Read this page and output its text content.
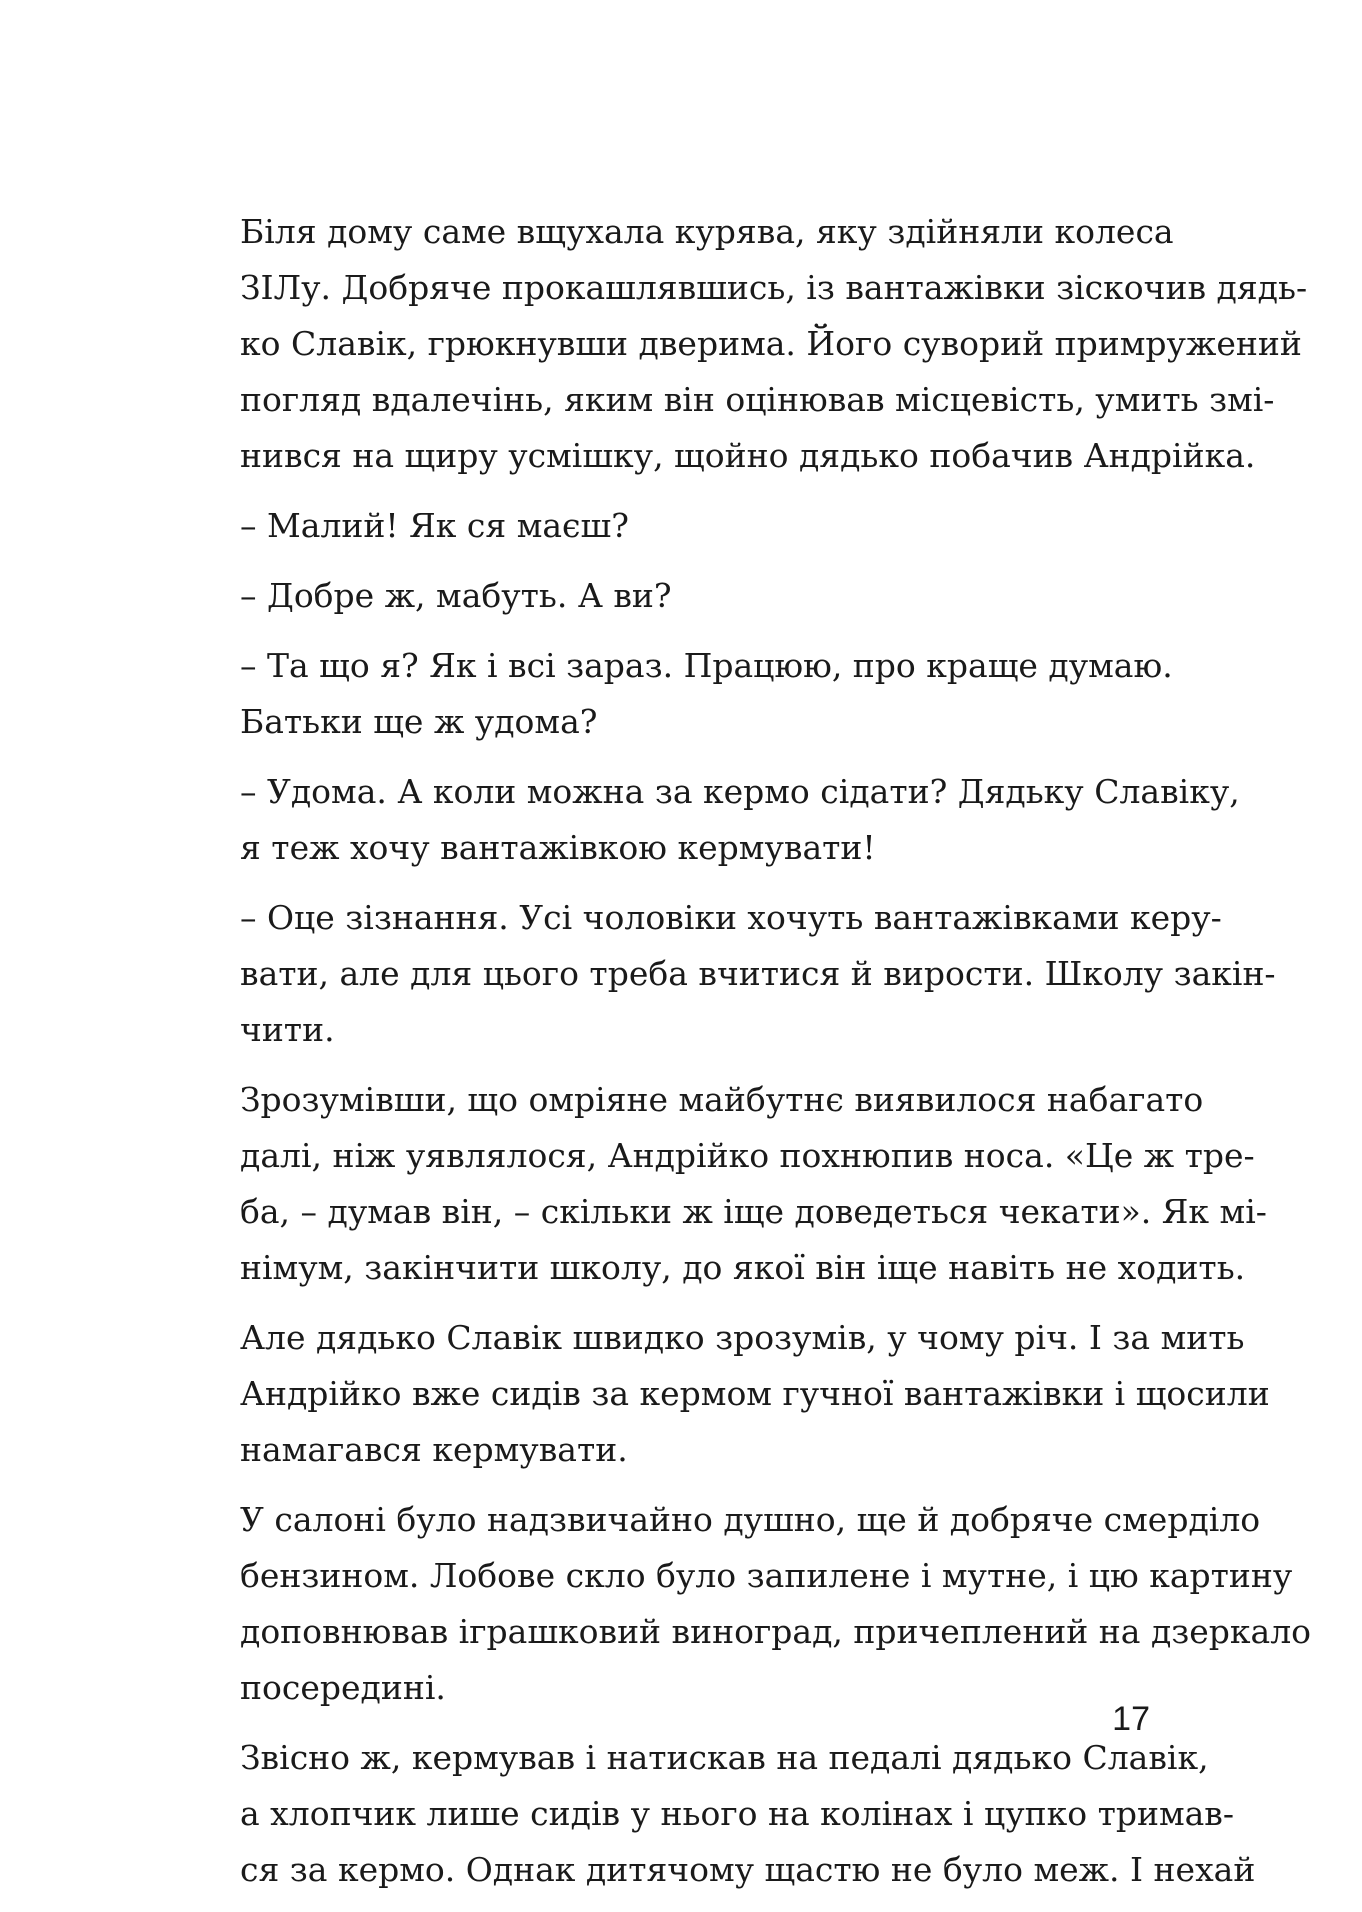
Біля дому саме вщухала курява, яку здійняли колеса
ЗІЛу. Добряче прокашлявшись, із вантажівки зіскочив дядь-
ко Славік, грюкнувши дверима. Його суворий примружений
погляд вдалечінь, яким він оцінював місцевість, умить змі-
нився на щиру усмішку, щойно дядько побачив Андрійка.

– Малий! Як ся маєш?

– Добре ж, мабуть. А ви?

– Та що я? Як і всі зараз. Працюю, про краще думаю.
Батьки ще ж удома?

– Удома. А коли можна за кермо сідати? Дядьку Славіку,
я теж хочу вантажівкою кермувати!

– Оце зізнання. Усі чоловіки хочуть вантажівками керу-
вати, але для цього треба вчитися й вирости. Школу закін-
чити.

Зрозумівши, що омріяне майбутнє виявилося набагато
далі, ніж уявлялося, Андрійко похнюпив носа. «Це ж тре-
ба, – думав він, – скільки ж іще доведеться чекати». Як мі-
німум, закінчити школу, до якої він іще навіть не ходить.

Але дядько Славік швидко зрозумів, у чому річ. І за мить
Андрійко вже сидів за кермом гучної вантажівки і щосили
намагався кермувати.

У салоні було надзвичайно душно, ще й добряче смерділо
бензином. Лобове скло було запилене і мутне, і цю картину
доповнював іграшковий виноград, причеплений на дзеркало
посередині.

Звісно ж, кермував і натискав на педалі дядько Славік,
а хлопчик лише сидів у нього на колінах і цупко тримав-
ся за кермо. Однак дитячому щастю не було меж. І нехай

17
